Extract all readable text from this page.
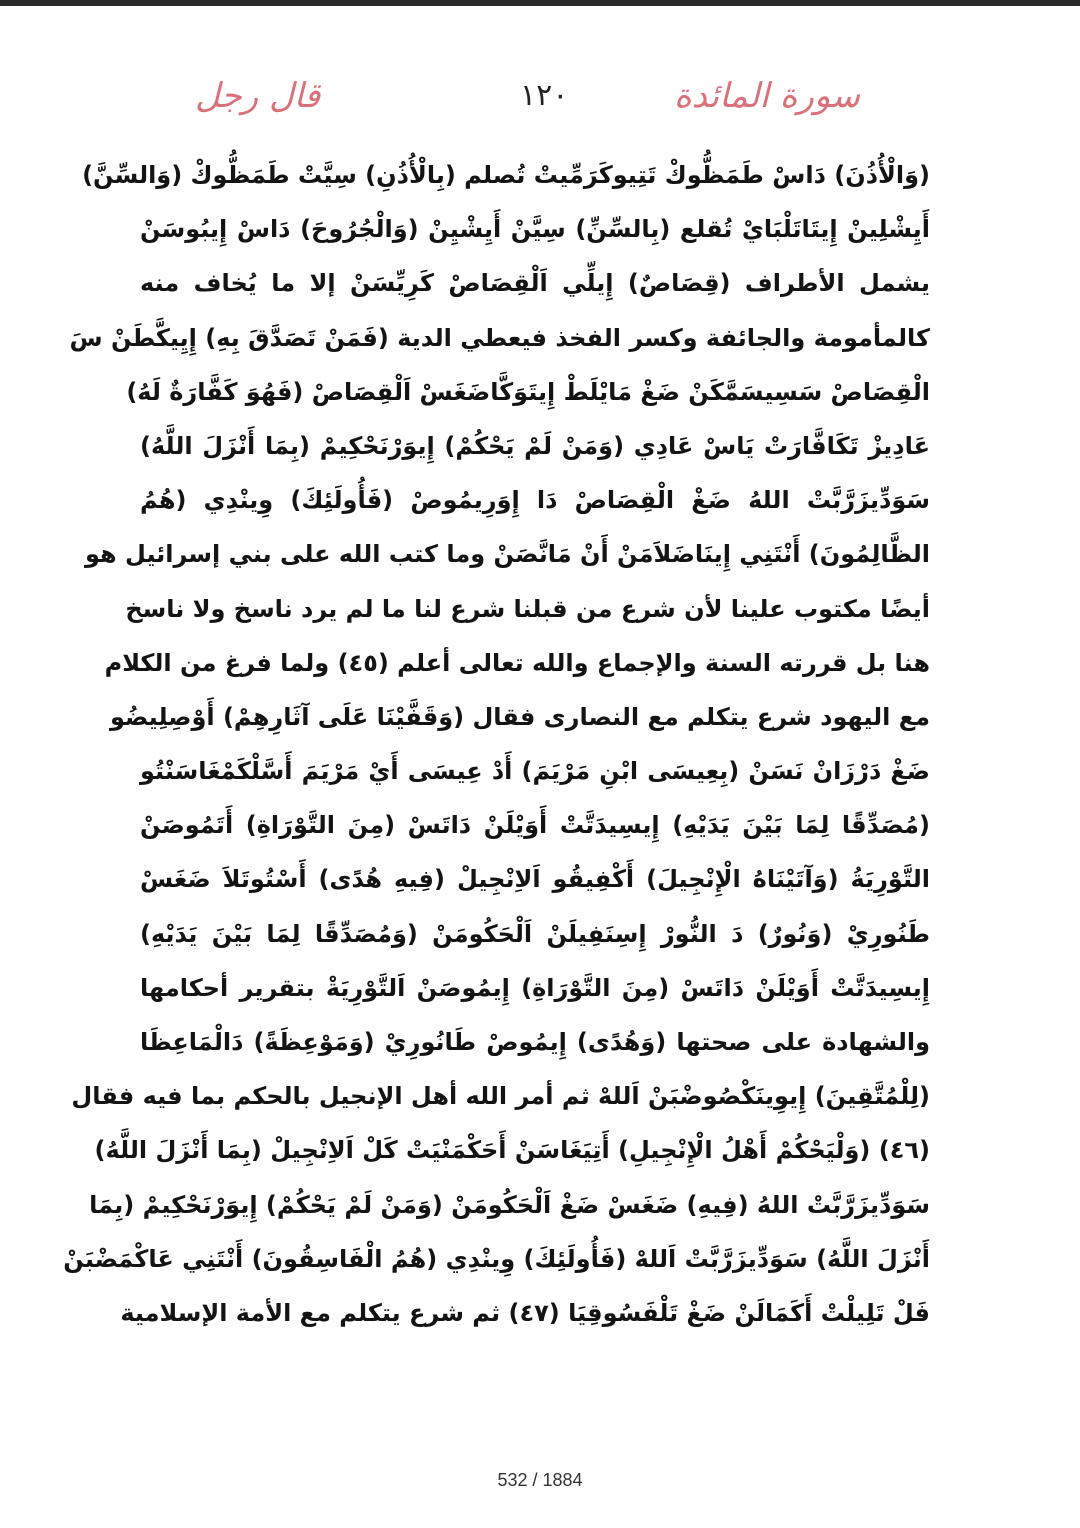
سورة المائدة
١٢٠
قال رجل
(وَالْأُذُنَ) دَاسْ طَمَظُّوكْ تَتِيوكَرَمِّيتْ تُصلم (بِالْأُذُنِ) سِيَّتْ طَمَظُّوكْ (وَالسِّنَّ)
أَيِشْلِينْ إِيتَاتَلْبَايْ تُقلع (بِالسِّنِّ) سِيَّنْ أَيِشْيِنْ (وَالْجُرُوحَ) دَاسْ إِيبُوسَنْ
يشمل الأطراف (قِصَاصٌ) إِيلِّي اَلْقِصَاصْ كَرِيِّسَنْ إلا ما يُخاف منه
كالمأمومة والجائفة وكسر الفخذ فيعطي الدية (فَمَنْ تَصَدَّقَ بِهِ) إِيِيكَّطَنْ سَ
الْقِصَاصْ سَسِيسَمَّكَنْ ضَغْ مَايْلَطْ إِيتَوَكَّاضَغَسْ اَلْقِصَاصْ (فَهُوَ كَفَّارَةٌ لَهُ)
عَادِيزْ تَكَافَّارَتْ يَاسْ عَادِي (وَمَنْ لَمْ يَحْكُمْ) إِيوَرْنَحْكِيمْ (بِمَا أَنْزَلَ اللَّهُ)
سَوَدِّيزَرَّبَّتْ اللهُ ضَغْ الْقِصَاصْ دَا إِوَرِيمُوصْ (فَأُولَئِكَ) وِينْدِي (هُمُ
الظَّالِمُونَ) أَنْتَنِي إِينَاضَلاَمَنْ أَنْ مَانَّصَنْ وما كتب الله على بني إسرائيل هو
أيضًا مكتوب علينا لأن شرع من قبلنا شرع لنا ما لم يرد ناسخ ولا ناسخ
هنا بل قررته السنة والإجماع والله تعالى أعلم (٤٥) ولما فرغ من الكلام
مع اليهود شرع يتكلم مع النصارى فقال (وَقَفَّيْنَا عَلَى آثَارِهِمْ) أَوْصِلِيضُو
ضَغْ دَرْزَانْ نَسَنْ (بِعِيسَى ابْنِ مَرْيَمَ) أَدْ عِيسَى أَيْ مَرْيَمَ أَسَّلْكَمْغَاسَنْتُو
(مُصَدِّقًا لِمَا بَيْنَ يَدَيْهِ) إِيسِيدَتَّتْ أَوَيْلَنْ دَاتَسْ (مِنَ التَّوْرَاةِ) أَتَمُوصَنْ
التَّوْرِيَةُ (وَآتَيْنَاهُ الْإِنْجِيلَ) أَكْفِيقُو اَلاِنْجِيلْ (فِيهِ هُدًى) أَسْتُوتَلاَ ضَغَسْ
طَنُورِيْ (وَنُورٌ) دَ النُّورْ إِسِنَفِيلَنْ اَلْحَكُومَنْ (وَمُصَدِّقًا لِمَا بَيْنَ يَدَيْهِ)
إِيسِيدَتَّتْ أَوَيْلَنْ دَاتَسْ (مِنَ التَّوْرَاةِ) إِيمُوصَنْ اَلتَّوْرِيَةْ بتقرير أحكامها
والشهادة على صحتها (وَهُدًى) إِيمُوصْ طَانُورِيْ (وَمَوْعِظَةً) دَالْمَاعِظَا
(لِلْمُتَّقِينَ) إِيوِينَكْصُوضْبَنْ اَللهْ ثم أمر الله أهل الإنجيل بالحكم بما فيه فقال
(٤٦) (وَلْيَحْكُمْ أَهْلُ الْإِنْجِيلِ) أَتِيَغَاسَنْ أَحَكْمَنْيَتْ كَلْ اَلاِنْجِيلْ (بِمَا أَنْزَلَ اللَّهُ)
سَوَدِّيزَرَّبَّتْ اللهُ (فِيهِ) ضَغَسْ ضَغْ اَلْحَكُومَنْ (وَمَنْ لَمْ يَحْكُمْ) إِيوَرْنَحْكِيمْ (بِمَا
أَنْزَلَ اللَّهُ) سَوَدِّيزَرَّبَّتْ اَللهْ (فَأُولَئِكَ) وِينْدِي (هُمُ الْفَاسِقُونَ) أَنْتَنِي عَاكْمَضْبَنْ
فَلْ تَلِيلْتْ أَكَمَالَنْ ضَغْ تَلْفَسُوقِيَا (٤٧) ثم شرع يتكلم مع الأمة الإسلامية
532 / 1884
